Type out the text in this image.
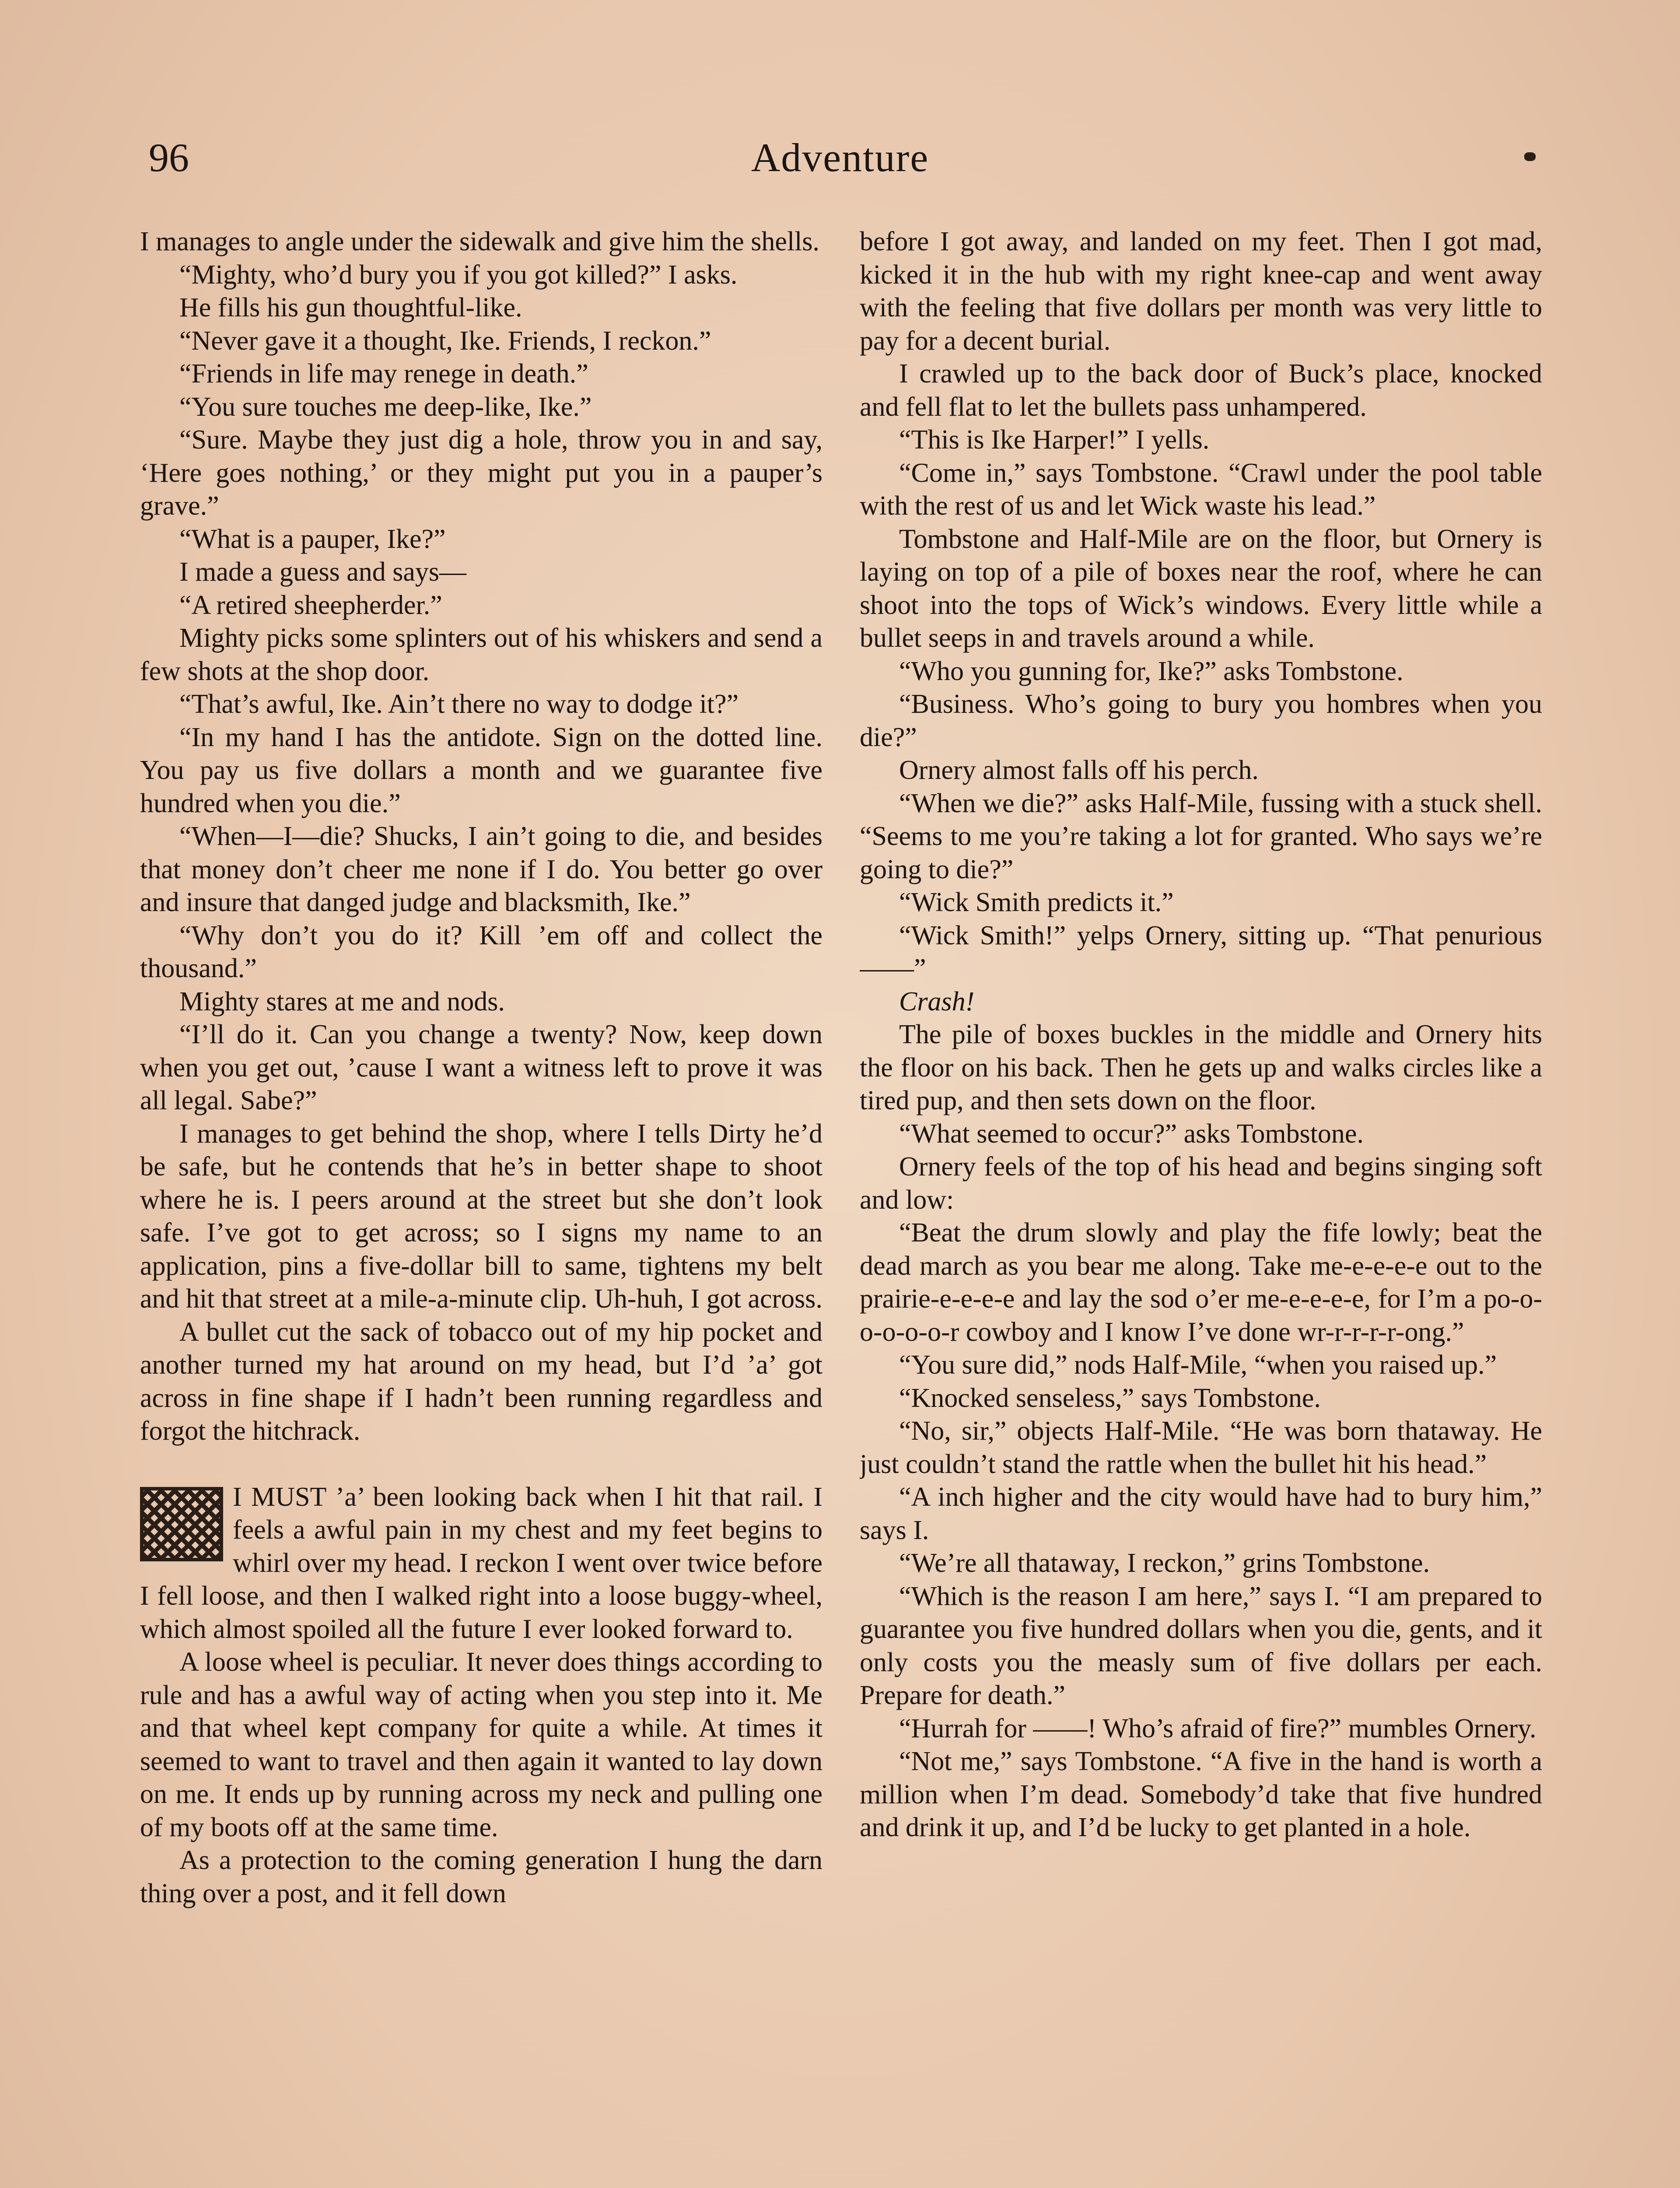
96	Adventure

I manages to angle under the sidewalk and give him the shells.

“Mighty, who’d bury you if you got killed?” I asks.

He fills his gun thoughtful-like.

“Never gave it a thought, Ike. Friends, I reckon.”

“Friends in life may renege in death.”

“You sure touches me deep-like, Ike.”

“Sure. Maybe they just dig a hole, throw you in and say, ‘Here goes nothing,’ or they might put you in a pauper’s grave.”

“What is a pauper, Ike?”

I made a guess and says—

“A retired sheepherder.”

Mighty picks some splinters out of his whiskers and send a few shots at the shop door.

“That’s awful, Ike. Ain’t there no way to dodge it?”

“In my hand I has the antidote. Sign on the dotted line. You pay us five dollars a month and we guarantee five hundred when you die.”

“When—I—die? Shucks, I ain’t going to die, and besides that money don’t cheer me none if I do. You better go over and insure that danged judge and blacksmith, Ike.”

“Why don’t you do it? Kill ’em off and collect the thousand.”

Mighty stares at me and nods.

“I’ll do it. Can you change a twenty? Now, keep down when you get out, ’cause I want a witness left to prove it was all legal. Sabe?”

I manages to get behind the shop, where I tells Dirty he’d be safe, but he contends that he’s in better shape to shoot where he is. I peers around at the street but she don’t look safe. I’ve got to get across; so I signs my name to an application, pins a five-dollar bill to same, tightens my belt and hit that street at a mile-a-minute clip. Uh-huh, I got across.

A bullet cut the sack of tobacco out of my hip pocket and another turned my hat around on my head, but I’d ’a’ got across in fine shape if I hadn’t been running regardless and forgot the hitchrack.

I MUST ’a’ been looking back when I hit that rail. I feels a awful pain in my chest and my feet begins to whirl over my head. I reckon I went over twice before I fell loose, and then I walked right into a loose buggy-wheel, which almost spoiled all the future I ever looked forward to.

A loose wheel is peculiar. It never does things according to rule and has a awful way of acting when you step into it. Me and that wheel kept company for quite a while. At times it seemed to want to travel and then again it wanted to lay down on me. It ends up by running across my neck and pulling one of my boots off at the same time.

As a protection to the coming generation I hung the darn thing over a post, and it fell down

before I got away, and landed on my feet. Then I got mad, kicked it in the hub with my right knee-cap and went away with the feeling that five dollars per month was very little to pay for a decent burial.

I crawled up to the back door of Buck’s place, knocked and fell flat to let the bullets pass unhampered.

“This is Ike Harper!” I yells.

“Come in,” says Tombstone. “Crawl under the pool table with the rest of us and let Wick waste his lead.”

Tombstone and Half-Mile are on the floor, but Ornery is laying on top of a pile of boxes near the roof, where he can shoot into the tops of Wick’s windows. Every little while a bullet seeps in and travels around a while.

“Who you gunning for, Ike?” asks Tombstone.

“Business. Who’s going to bury you hombres when you die?”

Ornery almost falls off his perch.

“When we die?” asks Half-Mile, fussing with a stuck shell. “Seems to me you’re taking a lot for granted. Who says we’re going to die?”

“Wick Smith predicts it.”

“Wick Smith!” yelps Ornery, sitting up. “That penurious——”

Crash!

The pile of boxes buckles in the middle and Ornery hits the floor on his back. Then he gets up and walks circles like a tired pup, and then sets down on the floor.

“What seemed to occur?” asks Tombstone.

Ornery feels of the top of his head and begins singing soft and low:

“Beat the drum slowly and play the fife lowly; beat the dead march as you bear me along. Take me-e-e-e-e out to the prairie-e-e-e-e and lay the sod o’er me-e-e-e-e, for I’m a po-o-o-o-o-o-r cowboy and I know I’ve done wr-r-r-r-r-ong.”

“You sure did,” nods Half-Mile, “when you raised up.”

“Knocked senseless,” says Tombstone.

“No, sir,” objects Half-Mile. “He was born thataway. He just couldn’t stand the rattle when the bullet hit his head.”

“A inch higher and the city would have had to bury him,” says I.

“We’re all thataway, I reckon,” grins Tombstone.

“Which is the reason I am here,” says I. “I am prepared to guarantee you five hundred dollars when you die, gents, and it only costs you the measly sum of five dollars per each. Prepare for death.”

“Hurrah for ——! Who’s afraid of fire?” mumbles Ornery.

“Not me,” says Tombstone. “A five in the hand is worth a million when I’m dead. Somebody’d take that five hundred and drink it up, and I’d be lucky to get planted in a hole.
